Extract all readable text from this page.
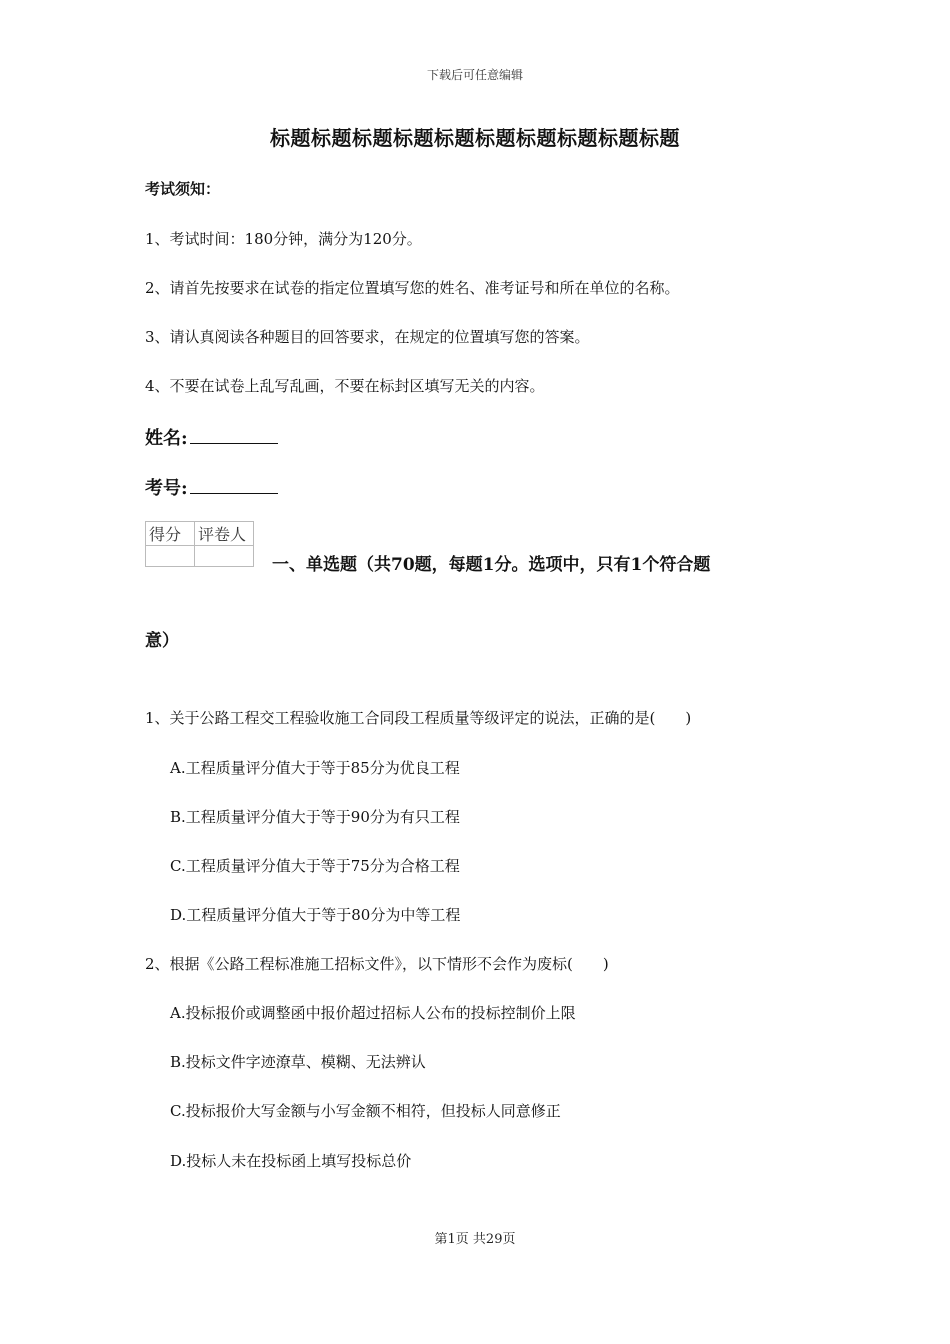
下载后可任意编辑
标题标题标题标题标题标题标题标题标题标题
考试须知：
1、考试时间：180分钟，满分为120分。
2、请首先按要求在试卷的指定位置填写您的姓名、准考证号和所在单位的名称。
3、请认真阅读各种题目的回答要求，在规定的位置填写您的答案。
4、不要在试卷上乱写乱画，不要在标封区填写无关的内容。
姓名:
考号:
得分	评卷人

一、单选题（共70题，每题1分。选项中，只有1个符合题
意）
1、关于公路工程交工程验收施工合同段工程质量等级评定的说法，正确的是(　　)
A.工程质量评分值大于等于85分为优良工程
B.工程质量评分值大于等于90分为有只工程
C.工程质量评分值大于等于75分为合格工程
D.工程质量评分值大于等于80分为中等工程
2、根据《公路工程标准施工招标文件》，以下情形不会作为废标(　　)
A.投标报价或调整函中报价超过招标人公布的投标控制价上限
B.投标文件字迹潦草、模糊、无法辨认
C.投标报价大写金额与小写金额不相符，但投标人同意修正
D.投标人未在投标函上填写投标总价
第1页 共29页
